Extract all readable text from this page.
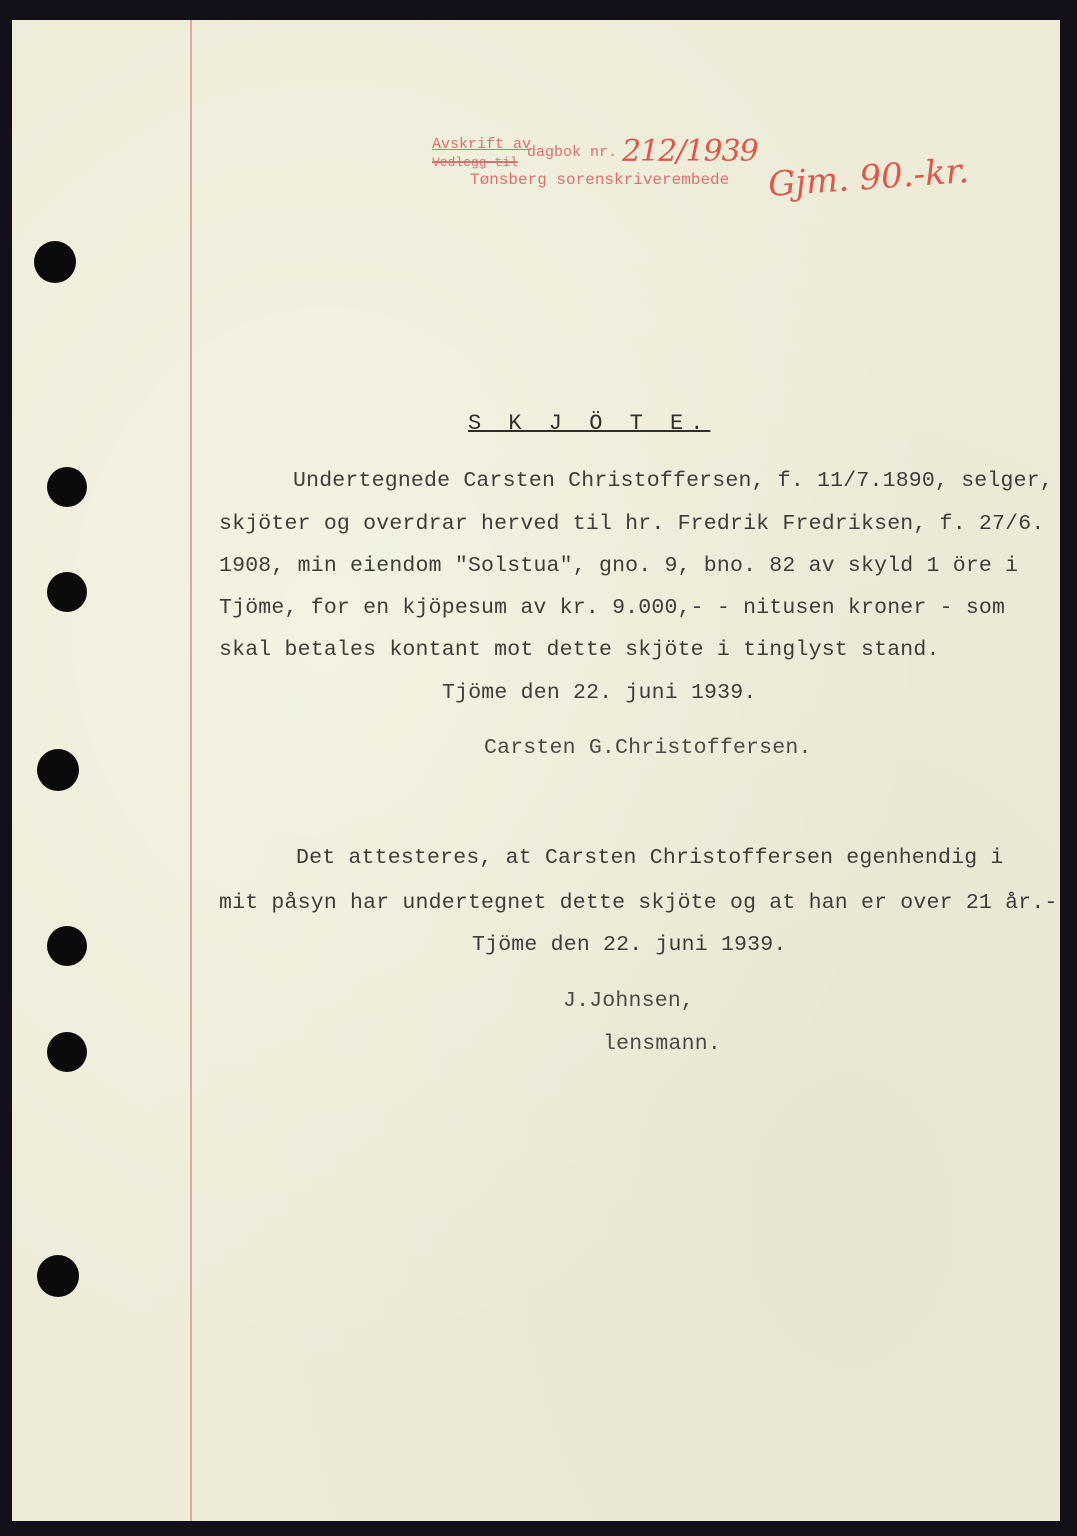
Avskrift av
Vedlegg til
dagbok nr.
Tønsberg sorenskriverembede
212/1939 Gjm. 90.-kr.
S K J Ö T E.
Undertegnede Carsten Christoffersen, f. 11/7.1890, selger,
skjöter og overdrar herved til hr. Fredrik Fredriksen, f. 27/6.
1908, min eiendom "Solstua", gno. 9, bno. 82 av skyld 1 öre i
Tjöme, for en kjöpesum av kr. 9.000,- - nitusen kroner - som
skal betales kontant mot dette skjöte i tinglyst stand.
Tjöme den 22. juni 1939.
Carsten G.Christoffersen.
Det attesteres, at Carsten Christoffersen egenhendig i
mit påsyn har undertegnet dette skjöte og at han er over 21 år.-
Tjöme den 22. juni 1939.
J.Johnsen,
lensmann.
